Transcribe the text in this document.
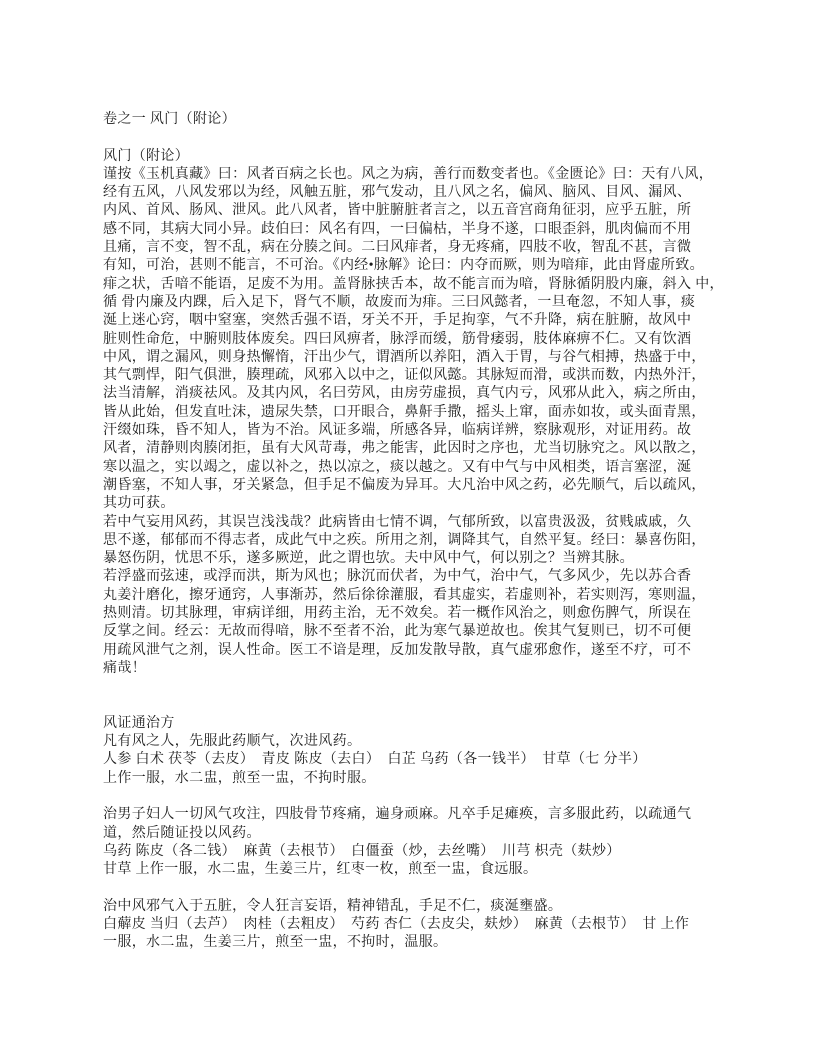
卷之一 风门（附论）

风门（附论）
谨按《玉机真藏》曰：风者百病之长也。风之为病，善行而数变者也。《金匮论》曰：天有八风，
经有五风，八风发邪以为经，风触五脏，邪气发动，且八风之名，偏风、脑风、目风、漏风、
内风、首风、肠风、泄风。此八风者，皆中脏腑脏者言之，以五音宫商角征羽，应乎五脏，所
感不同，其病大同小异。歧伯曰：风名有四，一曰偏枯，半身不遂，口眼歪斜，肌肉偏而不用
且痛，言不变，智不乱，病在分腠之间。二曰风痱者，身无疼痛，四肢不收，智乱不甚，言微
有知，可治，甚则不能言，不可治。《内经•脉解》论曰：内夺而厥，则为喑痱，此由肾虚所致。
痱之状，舌喑不能语，足废不为用。盖肾脉挟舌本，故不能言而为喑，肾脉循阴股内廉，斜入 中，
循 骨内廉及内踝，后入足下，肾气不顺，故废而为痱。三曰风懿者，一旦奄忽，不知人事，痰
涎上迷心窍，咽中窒塞，突然舌强不语，牙关不开，手足拘挛，气不升降，病在脏腑，故风中
脏则性命危，中腑则肢体废矣。四曰风痹者，脉浮而缓，筋骨痿弱，肢体麻痹不仁。又有饮酒
中风，谓之漏风，则身热懈惰，汗出少气，谓酒所以养阳，酒入于胃，与谷气相搏，热盛于中，
其气剽悍，阳气俱泄，腠理疏，风邪入以中之，证似风懿。其脉短而滑，或洪而数，内热外汗，
法当清解，消痰祛风。及其内风，名曰劳风，由房劳虚损，真气内亏，风邪从此入，病之所由，
皆从此始，但发直吐沫，遗尿失禁，口开眼合，鼻鼾手撒，摇头上窜，面赤如妆，或头面青黑，
汗缀如珠，昏不知人，皆为不治。风证多端，所感各异，临病详辨，察脉观形，对证用药。故
风者，清静则肉腠闭拒，虽有大风苛毒，弗之能害，此因时之序也，尤当切脉究之。风以散之，
寒以温之，实以竭之，虚以补之，热以凉之，痰以越之。又有中气与中风相类，语言塞涩，涎
潮昏塞，不知人事，牙关紧急，但手足不偏废为异耳。大凡治中风之药，必先顺气，后以疏风，
其功可获。
若中气妄用风药，其误岂浅浅哉？此病皆由七情不调，气郁所致，以富贵汲汲，贫贱戚戚，久
思不遂，郁郁而不得志者，成此气中之疾。所用之剂，调降其气，自然平复。经曰：暴喜伤阳，
暴怒伤阴，忧思不乐，遂多厥逆，此之谓也欤。夫中风中气，何以别之？当辨其脉。
若浮盛而弦速，或浮而洪，斯为风也；脉沉而伏者，为中气，治中气，气多风少，先以苏合香
丸姜汁磨化，擦牙通窍，人事渐苏，然后徐徐灌服，看其虚实，若虚则补，若实则泻，寒则温，
热则清。切其脉理，审病详细，用药主治，无不效矣。若一概作风治之，则愈伤脾气，所误在
反掌之间。经云：无故而得喑，脉不至者不治，此为寒气暴逆故也。俟其气复则已，切不可便
用疏风泄气之剂，误人性命。医工不谙是理，反加发散导散，真气虚邪愈作，遂至不疗，可不
痛哉！

风证通治方
凡有风之人，先服此药顺气，次进风药。
人参 白术 茯苓（去皮）　青皮 陈皮（去白）　白芷 乌药（各一钱半）　甘草（七 分半）
上作一服，水二盅，煎至一盅，不拘时服。

治男子妇人一切风气攻注，四肢骨节疼痛，遍身顽麻。凡卒手足瘫痪，言多服此药，以疏通气
道，然后随证投以风药。
乌药 陈皮（各二钱）　麻黄（去根节）　白僵蚕（炒，去丝嘴）　川芎 枳壳（麸炒）
甘草 上作一服，水二盅，生姜三片，红枣一枚，煎至一盅，食远服。

治中风邪气入于五脏，令人狂言妄语，精神错乱，手足不仁，痰涎壅盛。
白薢皮 当归（去芦）　肉桂（去粗皮）　芍药 杏仁（去皮尖，麸炒）　麻黄（去根节）　甘 上作
一服，水二盅，生姜三片，煎至一盅，不拘时，温服。
